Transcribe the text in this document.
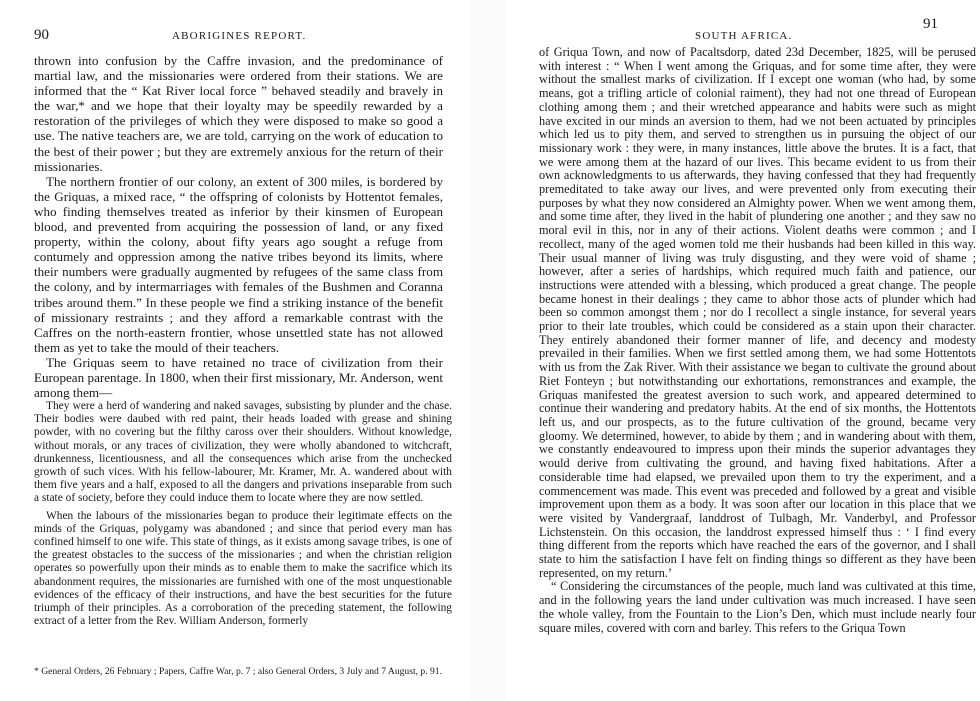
90	ABORIGINES REPORT.

thrown into confusion by the Caffre invasion, and the predominance of martial law, and the missionaries were ordered from their stations. We are informed that the “ Kat River local force ” behaved steadily and bravely in the war,* and we hope that their loyalty may be speedily rewarded by a restoration of the privileges of which they were disposed to make so good a use. The native teachers are, we are told, carrying on the work of education to the best of their power ; but they are extremely anxious for the return of their missionaries.

The northern frontier of our colony, an extent of 300 miles, is bordered by the Griquas, a mixed race, “ the offspring of colonists by Hottentot females, who finding themselves treated as inferior by their kinsmen of European blood, and prevented from acquiring the possession of land, or any fixed property, within the colony, about fifty years ago sought a refuge from contumely and oppression among the native tribes beyond its limits, where their numbers were gradually augmented by refugees of the same class from the colony, and by intermarriages with females of the Bushmen and Coranna tribes around them.” In these people we find a striking instance of the benefit of missionary restraints ; and they afford a remarkable contrast with the Caffres on the north-eastern frontier, whose unsettled state has not allowed them as yet to take the mould of their teachers.

The Griquas seem to have retained no trace of civilization from their European parentage. In 1800, when their first missionary, Mr. Anderson, went among them—

They were a herd of wandering and naked savages, subsisting by plunder and the chase. Their bodies were daubed with red paint, their heads loaded with grease and shining powder, with no covering but the filthy caross over their shoulders. Without knowledge, without morals, or any traces of civilization, they were wholly abandoned to witchcraft, drunkenness, licentiousness, and all the consequences which arise from the unchecked growth of such vices. With his fellow-labourer, Mr. Kramer, Mr. A. wandered about with them five years and a half, exposed to all the dangers and privations inseparable from such a state of society, before they could induce them to locate where they are now settled.

When the labours of the missionaries began to produce their legitimate effects on the minds of the Griquas, polygamy was abandoned ; and since that period every man has confined himself to one wife. This state of things, as it exists among savage tribes, is one of the greatest obstacles to the success of the missionaries ; and when the christian religion operates so powerfully upon their minds as to enable them to make the sacrifice which its abandonment requires, the missionaries are furnished with one of the most unquestionable evidences of the efficacy of their instructions, and have the best securities for the future triumph of their principles. As a corroboration of the preceding statement, the following extract of a letter from the Rev. William Anderson, formerly

* General Orders, 26 February ; Papers, Caffre War, p. 7 ; also General Orders, 3 July and 7 August, p. 91.
SOUTH AFRICA.
91

of Griqua Town, and now of Pacaltsdorp, dated 23d December, 1825, will be perused with interest : “ When I went among the Griquas, and for some time after, they were without the smallest marks of civilization. If I except one woman (who had, by some means, got a trifling article of colonial raiment), they had not one thread of European clothing among them ; and their wretched appearance and habits were such as might have excited in our minds an aversion to them, had we not been actuated by principles which led us to pity them, and served to strengthen us in pursuing the object of our missionary work : they were, in many instances, little above the brutes. It is a fact, that we were among them at the hazard of our lives. This became evident to us from their own acknowledgments to us afterwards, they having confessed that they had frequently premeditated to take away our lives, and were prevented only from executing their purposes by what they now considered an Almighty power. When we went among them, and some time after, they lived in the habit of plundering one another ; and they saw no moral evil in this, nor in any of their actions. Violent deaths were common ; and I recollect, many of the aged women told me their husbands had been killed in this way. Their usual manner of living was truly disgusting, and they were void of shame ; however, after a series of hardships, which required much faith and patience, our instructions were attended with a blessing, which produced a great change. The people became honest in their dealings ; they came to abhor those acts of plunder which had been so common amongst them ; nor do I recollect a single instance, for several years prior to their late troubles, which could be considered as a stain upon their character. They entirely abandoned their former manner of life, and decency and modesty prevailed in their families. When we first settled among them, we had some Hottentots with us from the Zak River. With their assistance we began to cultivate the ground about Riet Fonteyn ; but notwithstanding our exhortations, remonstrances and example, the Griquas manifested the greatest aversion to such work, and appeared determined to continue their wandering and predatory habits. At the end of six months, the Hottentots left us, and our prospects, as to the future cultivation of the ground, became very gloomy. We determined, however, to abide by them ; and in wandering about with them, we constantly endeavoured to impress upon their minds the superior advantages they would derive from cultivating the ground, and having fixed habitations. After a considerable time had elapsed, we prevailed upon them to try the experiment, and a commencement was made. This event was preceded and followed by a great and visible improvement upon them as a body. It was soon after our location in this place that we were visited by Vandergraaf, landdrost of Tulbagh, Mr. Vanderbyl, and Professor Lichstenstein. On this occasion, the landdrost expressed himself thus : ‘ I find every thing different from the reports which have reached the ears of the governor, and I shall state to him the satisfaction I have felt on finding things so different as they have been represented, on my return.’

“ Considering the circumstances of the people, much land was cultivated at this time, and in the following years the land under cultivation was much increased. I have seen the whole valley, from the Fountain to the Lion’s Den, which must include nearly four square miles, covered with corn and barley. This refers to the Griqua Town
